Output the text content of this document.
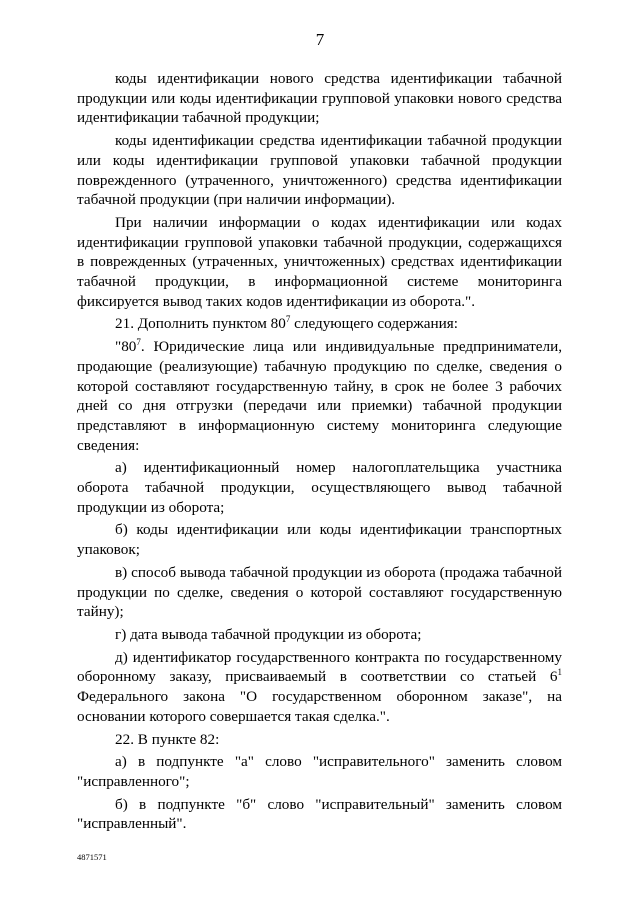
7

коды идентификации нового средства идентификации табачной продукции или коды идентификации групповой упаковки нового средства идентификации табачной продукции;

коды идентификации средства идентификации табачной продукции или коды идентификации групповой упаковки табачной продукции поврежденного (утраченного, уничтоженного) средства идентификации табачной продукции (при наличии информации).

При наличии информации о кодах идентификации или кодах идентификации групповой упаковки табачной продукции, содержащихся в поврежденных (утраченных, уничтоженных) средствах идентификации табачной продукции, в информационной системе мониторинга фиксируется вывод таких кодов идентификации из оборота.".

21. Дополнить пунктом $80^7$ следующего содержания:

"$80^7$. Юридические лица или индивидуальные предприниматели, продающие (реализующие) табачную продукцию по сделке, сведения о которой составляют государственную тайну, в срок не более 3 рабочих дней со дня отгрузки (передачи или приемки) табачной продукции представляют в информационную систему мониторинга следующие сведения:

а) идентификационный номер налогоплательщика участника оборота табачной продукции, осуществляющего вывод табачной продукции из оборота;

б) коды идентификации или коды идентификации транспортных упаковок;

в) способ вывода табачной продукции из оборота (продажа табачной продукции по сделке, сведения о которой составляют государственную тайну);

г) дата вывода табачной продукции из оборота;

д) идентификатор государственного контракта по государственному оборонному заказу, присваиваемый в соответствии со статьей $6^1$ Федерального закона "О государственном оборонном заказе", на основании которого совершается такая сделка.".

22. В пункте 82:

а) в подпункте "а" слово "исправительного" заменить словом "исправленного";

б) в подпункте "б" слово "исправительный" заменить словом "исправленный".

4871571
